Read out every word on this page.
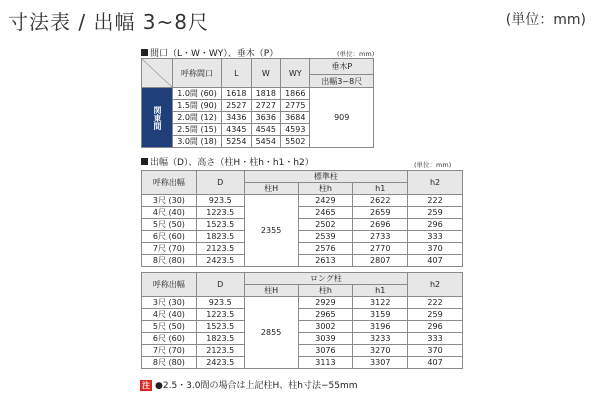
寸法表 / 出幅 3~8尺	(単位：mm)
間口（L・W・WY）、垂木（P）	(単位：mm)
	呼称間口	L	W	WY	垂木P
					出幅3~8尺
関東間	1.0間 (60)	1618	1818	1866	909
	1.5間 (90)	2527	2727	2775	
	2.0間 (12)	3436	3636	3684	
	2.5間 (15)	4345	4545	4593	
	3.0間 (18)	5254	5454	5502	
出幅（D）、高さ（柱H・柱h・h1・h2）	(単位：mm)
呼称出幅	D	標準柱			h2
		柱H	柱h	h1	
3尺 (30)	923.5	2355	2429	2622	222
4尺 (40)	1223.5		2465	2659	259
5尺 (50)	1523.5		2502	2696	296
6尺 (60)	1823.5		2539	2733	333
7尺 (70)	2123.5		2576	2770	370
8尺 (80)	2423.5		2613	2807	407
呼称出幅	D	ロング柱			h2
		柱H	柱h	h1	
3尺 (30)	923.5	2855	2929	3122	222
4尺 (40)	1223.5		2965	3159	259
5尺 (50)	1523.5		3002	3196	296
6尺 (60)	1823.5		3039	3233	333
7尺 (70)	2123.5		3076	3270	370
8尺 (80)	2423.5		3113	3307	407
注 ●2.5・3.0間の場合は上記柱H、柱h寸法−55mm
